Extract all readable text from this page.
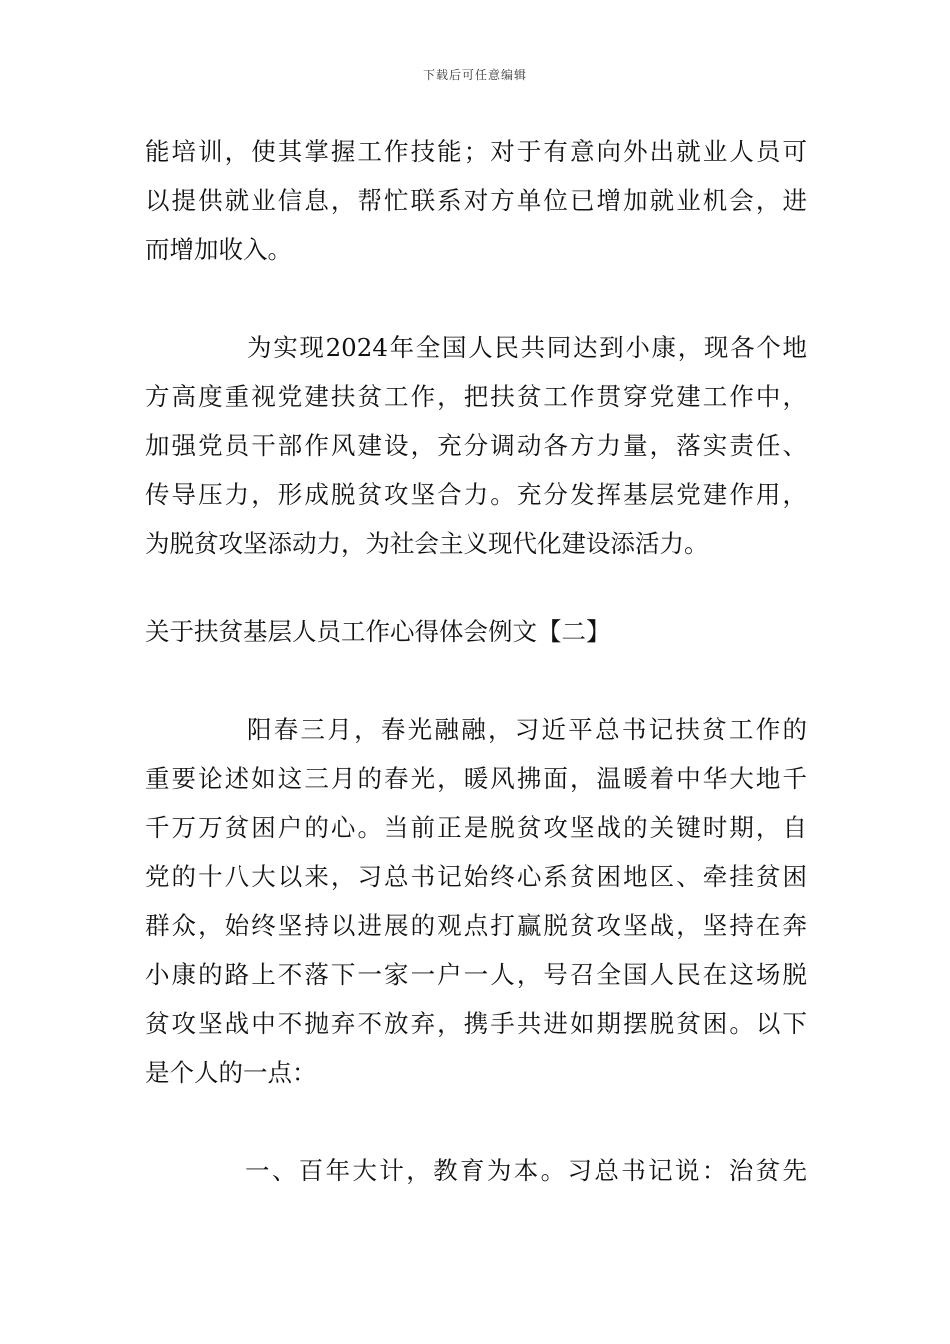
下载后可任意编辑
能培训，使其掌握工作技能；对于有意向外出就业人员可
以提供就业信息，帮忙联系对方单位已增加就业机会，进
而增加收入。
为实现2024年全国人民共同达到小康，现各个地
方高度重视党建扶贫工作，把扶贫工作贯穿党建工作中，
加强党员干部作风建设，充分调动各方力量，落实责任、
传导压力，形成脱贫攻坚合力。充分发挥基层党建作用，
为脱贫攻坚添动力，为社会主义现代化建设添活力。
关于扶贫基层人员工作心得体会例文【二】
阳春三月，春光融融，习近平总书记扶贫工作的
重要论述如这三月的春光，暖风拂面，温暖着中华大地千
千万万贫困户的心。当前正是脱贫攻坚战的关键时期，自
党的十八大以来，习总书记始终心系贫困地区、牵挂贫困
群众，始终坚持以进展的观点打赢脱贫攻坚战，坚持在奔
小康的路上不落下一家一户一人，号召全国人民在这场脱
贫攻坚战中不抛弃不放弃，携手共进如期摆脱贫困。以下
是个人的一点：
一、百年大计，教育为本。习总书记说：治贫先
